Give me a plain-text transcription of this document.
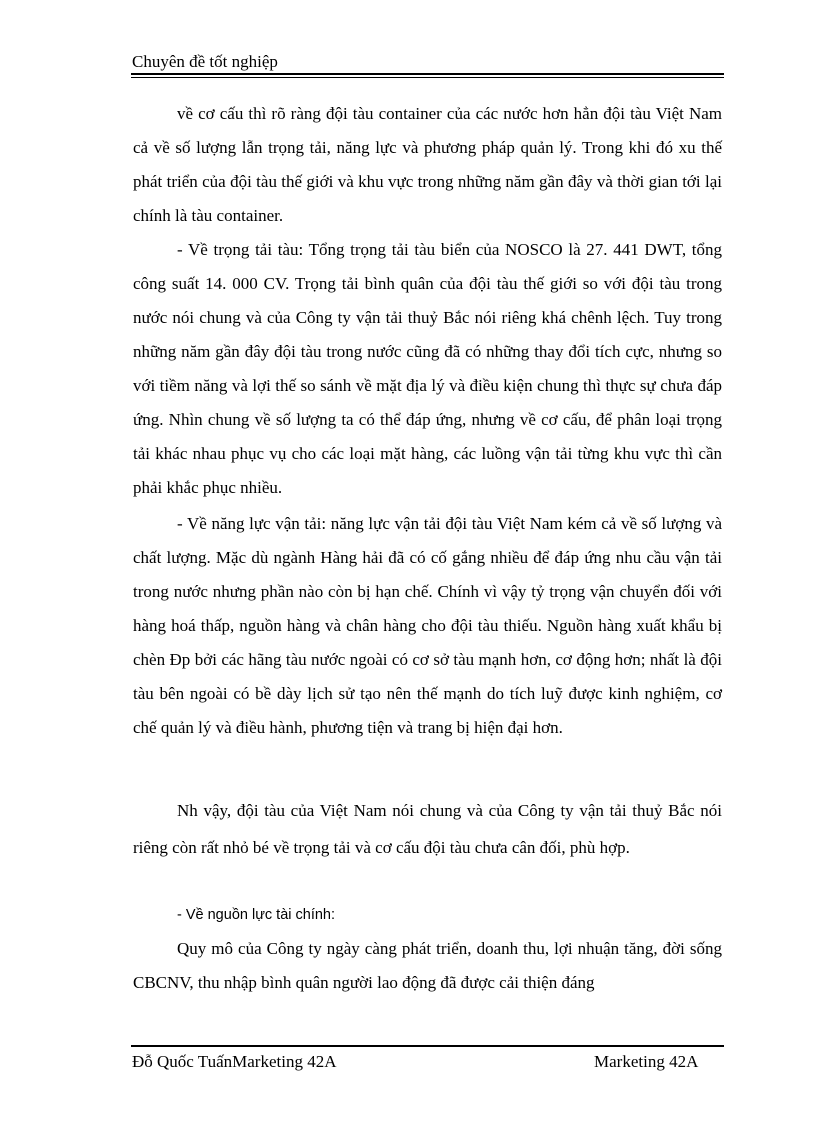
Chuyên đề tốt nghiệp

về cơ cấu thì rõ ràng đội tàu container của các nước hơn hẳn đội tàu Việt Nam cả về số lượng lẫn trọng tải, năng lực và phương pháp quản lý. Trong khi đó xu thế phát triển của đội tàu thế giới và khu vực trong những năm gần đây và thời gian tới lại chính là tàu container.

- Về trọng tải tàu: Tổng trọng tải tàu biển của NOSCO là 27. 441 DWT, tổng công suất 14. 000 CV. Trọng tải bình quân của đội tàu thế giới so với đội tàu trong nước nói chung và của Công ty vận tải thuỷ Bắc nói riêng khá chênh lệch. Tuy trong những năm gần đây đội tàu trong nước cũng đã có những thay đổi tích cực, nhưng so với tiềm năng và lợi thế so sánh về mặt địa lý và điều kiện chung thì thực sự chưa đáp ứng. Nhìn chung về số lượng ta có thể đáp ứng, nhưng về cơ cấu, để phân loại trọng tải khác nhau phục vụ cho các loại mặt hàng, các luồng vận tải từng khu vực thì cần phải khắc phục nhiều.

- Về năng lực vận tải: năng lực vận tải đội tàu Việt Nam kém cả về số lượng và chất lượng. Mặc dù ngành Hàng hải đã có cố gắng nhiều để đáp ứng nhu cầu vận tải trong nước nhưng phần nào còn bị hạn chế. Chính vì vậy tỷ trọng vận chuyển đối với hàng hoá thấp, nguồn hàng và chân hàng cho đội tàu thiếu. Nguồn hàng xuất khẩu bị chèn Ðp bởi các hãng tàu nước ngoài có cơ sở tàu mạnh hơn, cơ động hơn; nhất là đội tàu bên ngoài có bề dày lịch sử tạo nên thế mạnh do tích luỹ được kinh nghiệm, cơ chế quản lý và điều hành, phương tiện và trang bị hiện đại hơn.

Nh vậy, đội tàu của Việt Nam nói chung và của Công ty vận tải thuỷ Bắc nói riêng còn rất nhỏ bé về trọng tải và cơ cấu đội tàu chưa cân đối, phù hợp.

- Về nguồn lực tài chính:

Quy mô của Công ty ngày càng phát triển, doanh thu, lợi nhuận tăng, đời sống CBCNV, thu nhập bình quân người lao động đã được cải thiện đáng

Đỗ Quốc TuấnMarketing 42A	Marketing 42A
